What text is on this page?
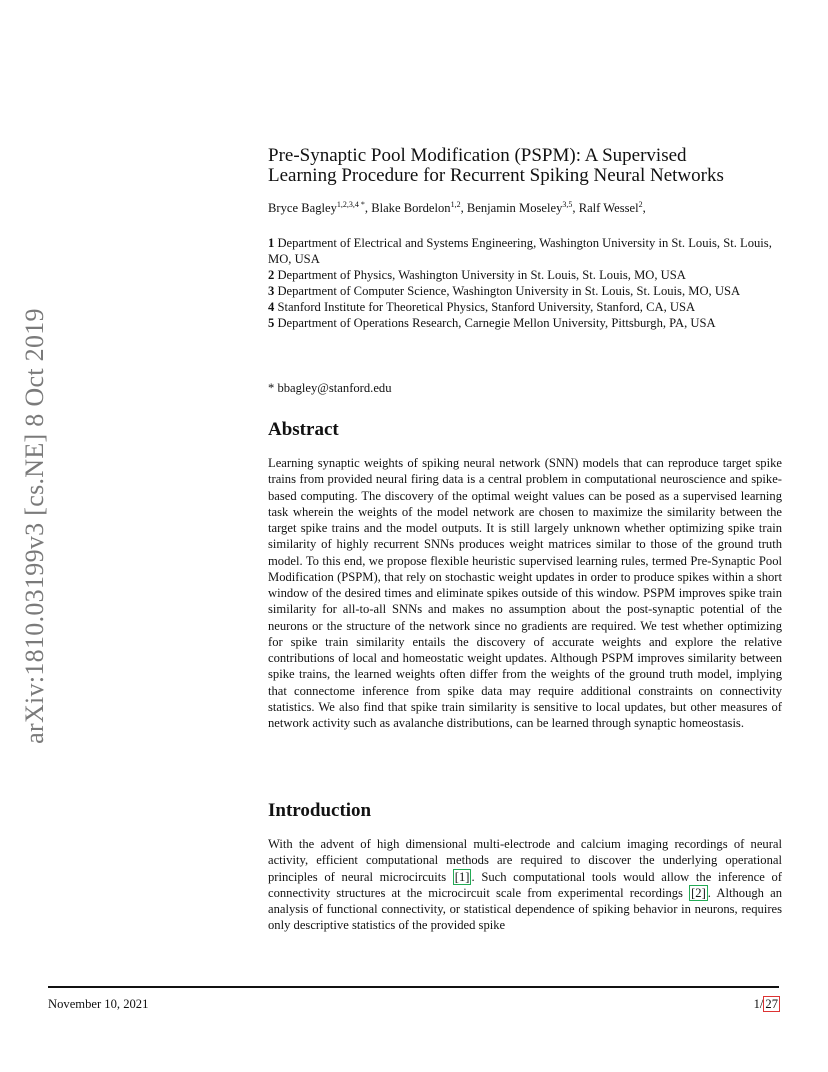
arXiv:1810.03199v3 [cs.NE] 8 Oct 2019
Pre-Synaptic Pool Modification (PSPM): A Supervised
Learning Procedure for Recurrent Spiking Neural Networks
Bryce Bagley$^{1,2,3,4 *}$, Blake Bordelon$^{1,2}$, Benjamin Moseley$^{3,5}$, Ralf Wessel$^2$,
1 Department of Electrical and Systems Engineering, Washington University in St. Louis, St. Louis, MO, USA
2 Department of Physics, Washington University in St. Louis, St. Louis, MO, USA
3 Department of Computer Science, Washington University in St. Louis, St. Louis, MO, USA
4 Stanford Institute for Theoretical Physics, Stanford University, Stanford, CA, USA
5 Department of Operations Research, Carnegie Mellon University, Pittsburgh, PA, USA
* bbagley@stanford.edu
Abstract

Learning synaptic weights of spiking neural network (SNN) models that can reproduce target spike trains from provided neural firing data is a central problem in computational neuroscience and spike-based computing. The discovery of the optimal weight values can be posed as a supervised learning task wherein the weights of the model network are chosen to maximize the similarity between the target spike trains and the model outputs. It is still largely unknown whether optimizing spike train similarity of highly recurrent SNNs produces weight matrices similar to those of the ground truth model. To this end, we propose flexible heuristic supervised learning rules, termed Pre-Synaptic Pool Modification (PSPM), that rely on stochastic weight updates in order to produce spikes within a short window of the desired times and eliminate spikes outside of this window. PSPM improves spike train similarity for all-to-all SNNs and makes no assumption about the post-synaptic potential of the neurons or the structure of the network since no gradients are required. We test whether optimizing for spike train similarity entails the discovery of accurate weights and explore the relative contributions of local and homeostatic weight updates. Although PSPM improves similarity between spike trains, the learned weights often differ from the weights of the ground truth model, implying that connectome inference from spike data may require additional constraints on connectivity statistics. We also find that spike train similarity is sensitive to local updates, but other measures of network activity such as avalanche distributions, can be learned through synaptic homeostasis.

Introduction

With the advent of high dimensional multi-electrode and calcium imaging recordings of neural activity, efficient computational methods are required to discover the underlying operational principles of neural microcircuits [1] . Such computational tools would allow the inference of connectivity structures at the microcircuit scale from experimental recordings [2] . Although an analysis of functional connectivity, or statistical dependence of spiking behavior in neurons, requires only descriptive statistics of the provided spike

November 10, 2021	1/ 27
